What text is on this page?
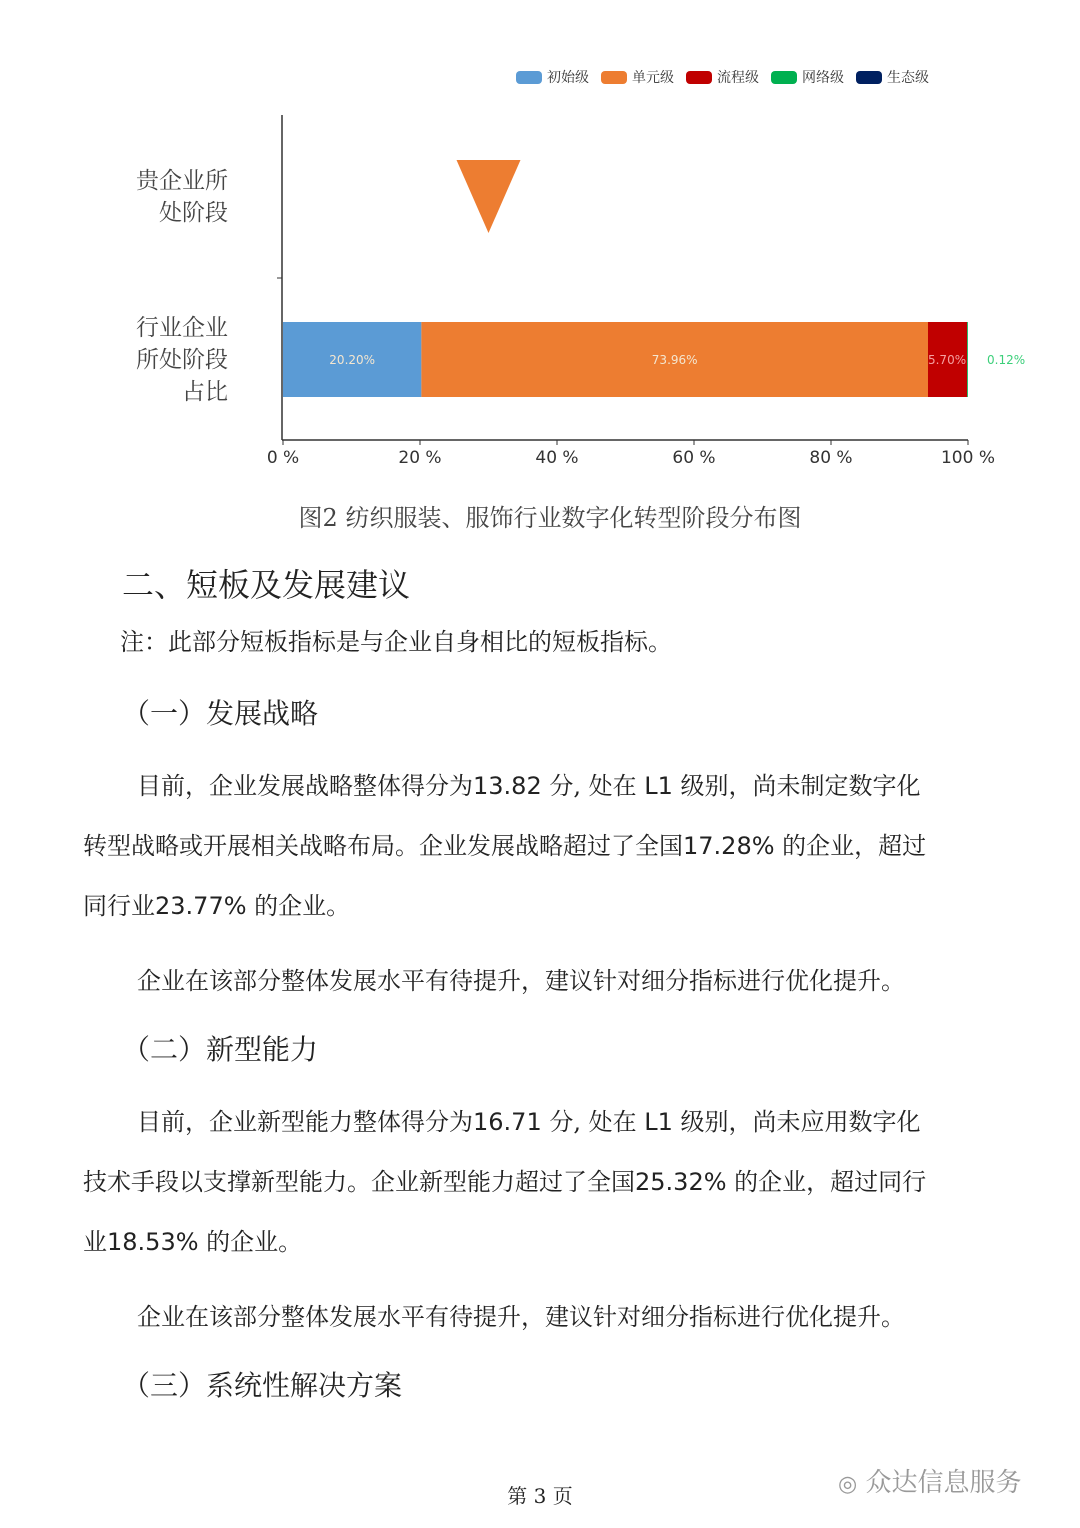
初始级	单元级	流程级	网络级	生态级
贵企业所
处阶段
行业企业
所处阶段
占比
20.20%	73.96%	5.70% 0.12%
0 %	20 %	40 %	60 %	80 %	100 %
图2 纺织服装、服饰行业数字化转型阶段分布图
二、短板及发展建议
注：此部分短板指标是与企业自身相比的短板指标。
（一）发展战略
目前，企业发展战略整体得分为13.82 分, 处在 L1 级别，尚未制定数字化
转型战略或开展相关战略布局。企业发展战略超过了全国17.28% 的企业，超过
同行业23.77% 的企业。
企业在该部分整体发展水平有待提升，建议针对细分指标进行优化提升。
（二）新型能力
目前，企业新型能力整体得分为16.71 分, 处在 L1 级别，尚未应用数字化
技术手段以支撑新型能力。企业新型能力超过了全国25.32% 的企业，超过同行
业18.53% 的企业。
企业在该部分整体发展水平有待提升，建议针对细分指标进行优化提升。
（三）系统性解决方案
第 3 页	◎ 众达信息服务
